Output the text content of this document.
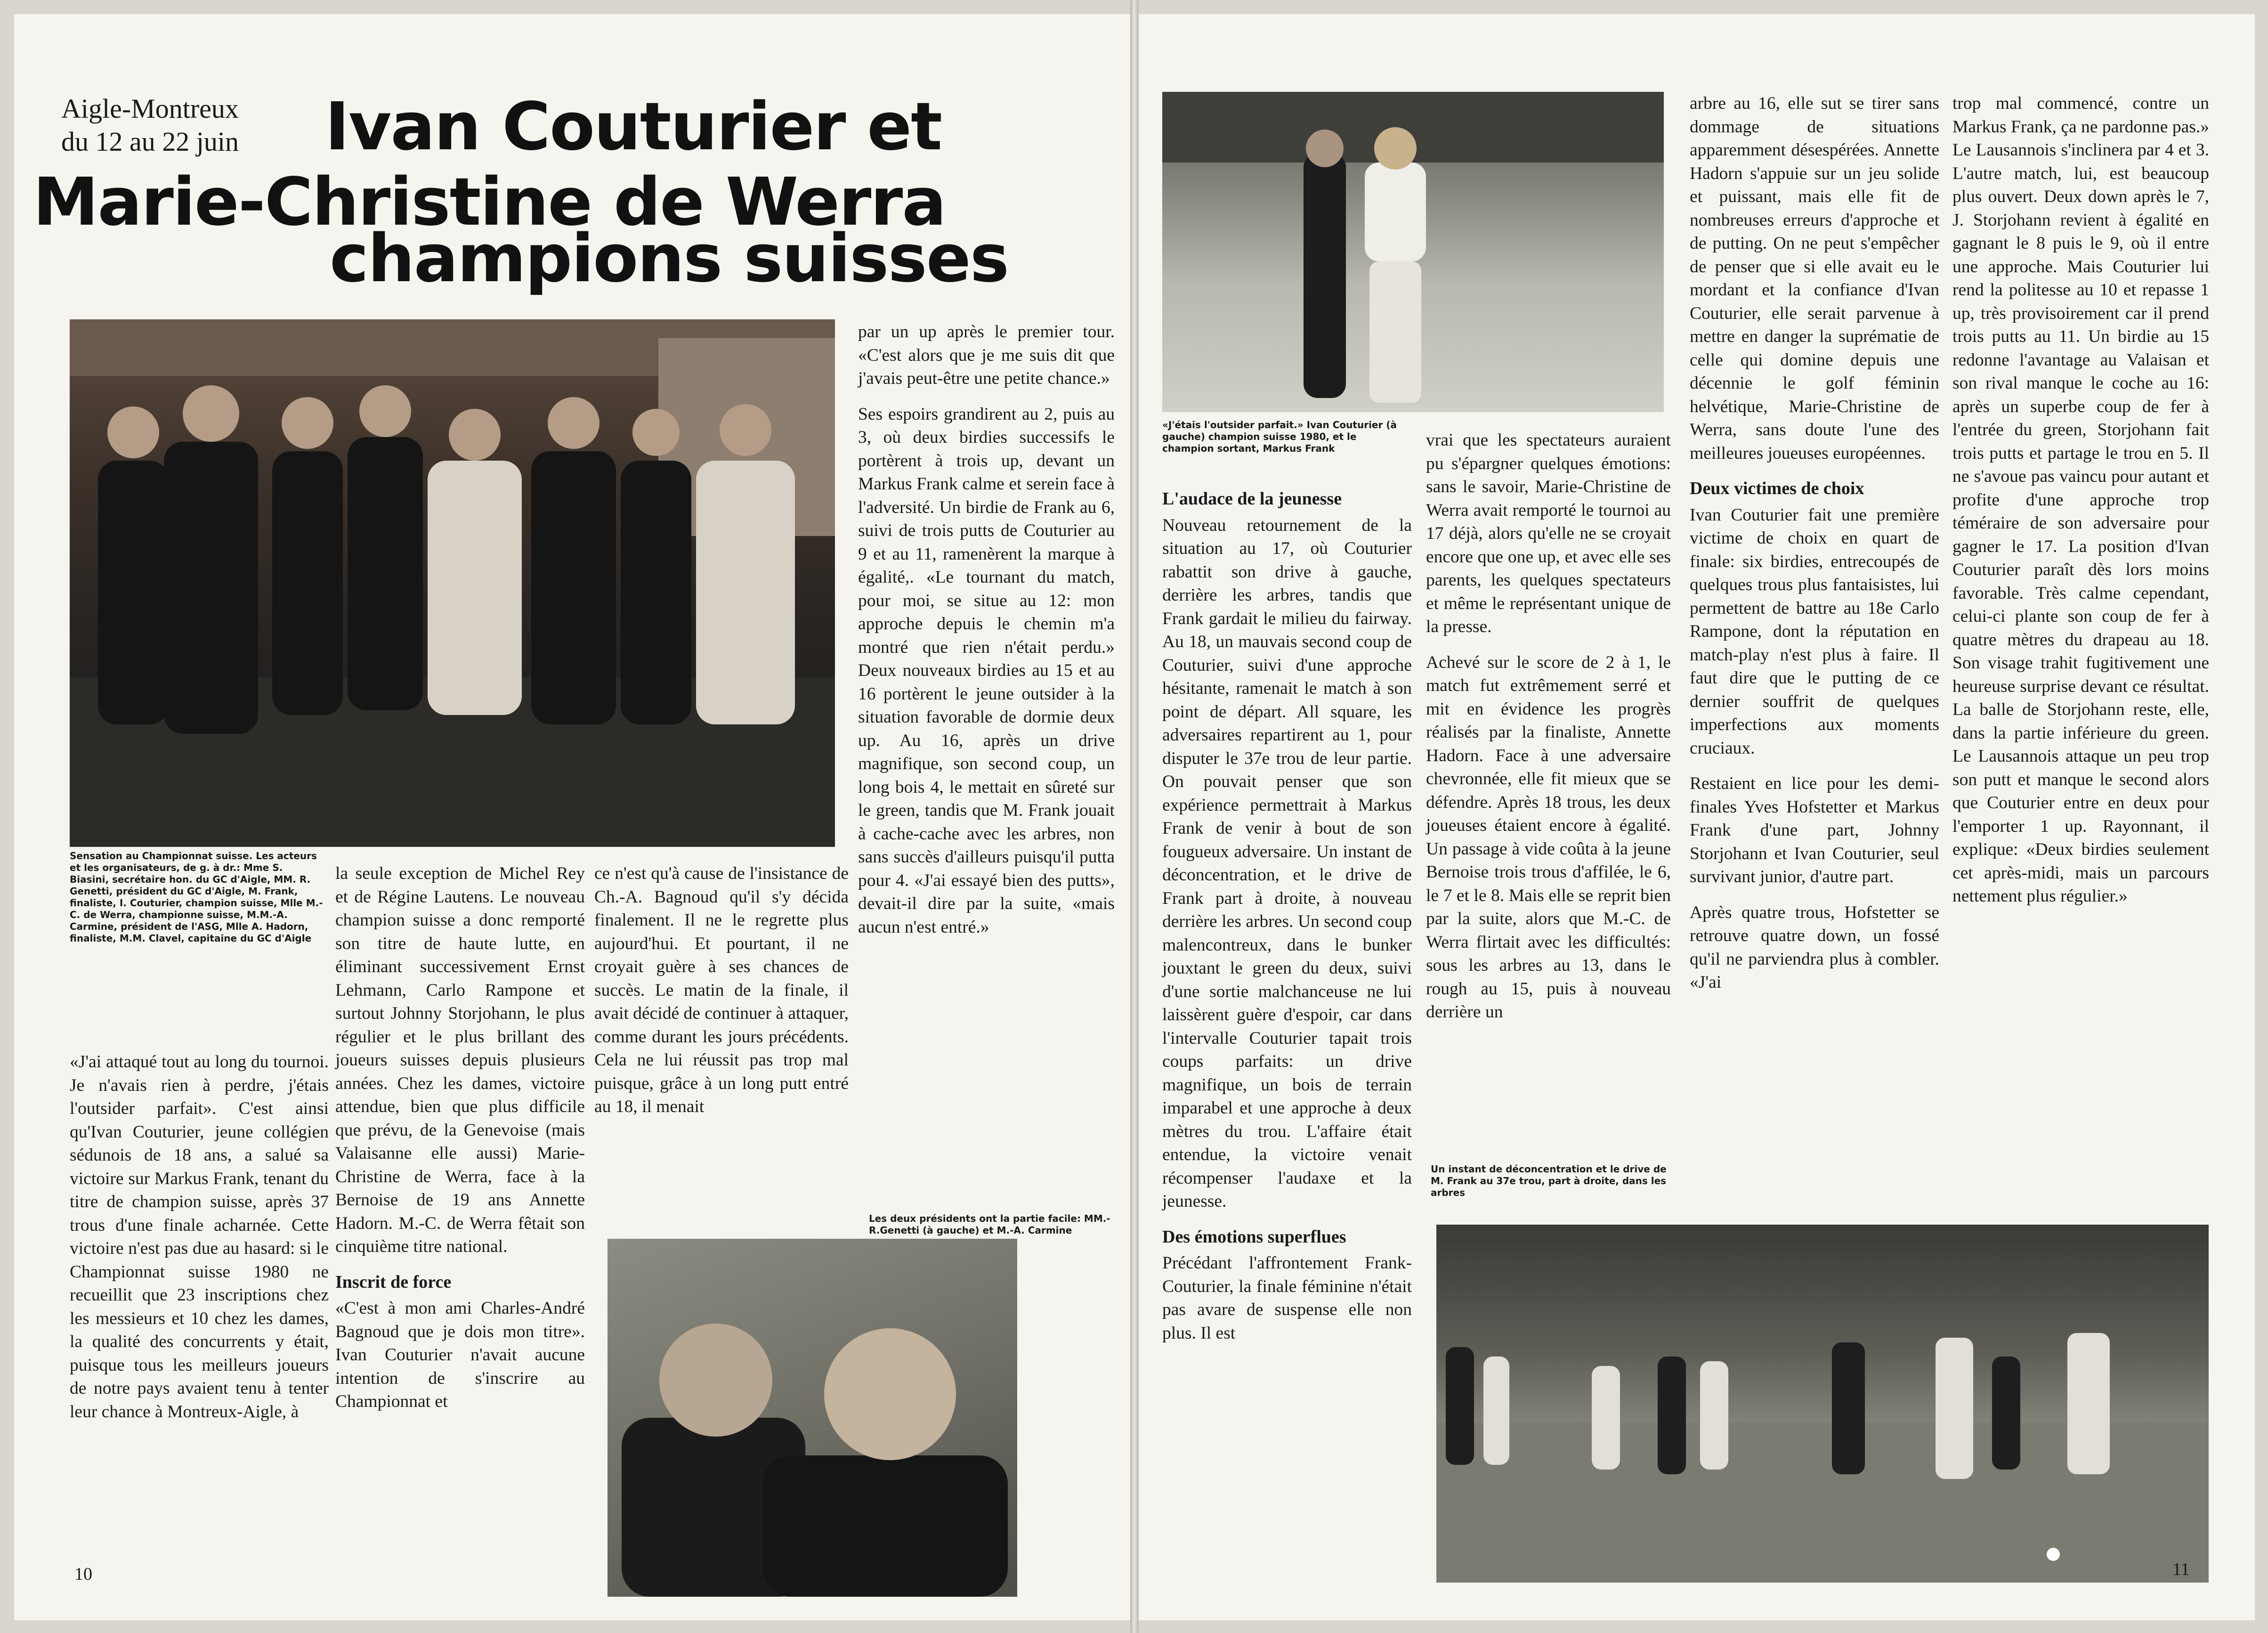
Aigle-Montreux
du 12 au 22 juin Ivan Couturier et
Marie-Christine de Werra
champions suisses
Sensation au Championnat suisse. Les acteurs et les organisateurs, de g. à dr.: Mme S. Biasini, secrétaire hon. du GC d'Aigle, MM. R. Genetti, président du GC d'Aigle, M. Frank, finaliste, I. Couturier, champion suisse, Mlle M.-C. de Werra, championne suisse, M.M.-A. Carmine, président de l'ASG, Mlle A. Hadorn, finaliste, M.M. Clavel, capitaine du GC d'Aigle

«J'ai attaqué tout au long du tournoi. Je n'avais rien à perdre, j'étais l'outsider parfait». C'est ainsi qu'Ivan Couturier, jeune collégien sédunois de 18 ans, a salué sa victoire sur Markus Frank, tenant du titre de champion suisse, après 37 trous d'une finale acharnée. Cette victoire n'est pas due au hasard: si le Championnat suisse 1980 ne recueillit que 23 inscriptions chez les messieurs et 10 chez les dames, la qualité des concurrents y était, puisque tous les meilleurs joueurs de notre pays avaient tenu à tenter leur chance à Montreux-Aigle, à

la seule exception de Michel Rey et de Régine Lautens. Le nouveau champion suisse a donc remporté son titre de haute lutte, en éliminant successivement Ernst Lehmann, Carlo Rampone et surtout Johnny Storjohann, le plus régulier et le plus brillant des joueurs suisses depuis plusieurs années. Chez les dames, victoire attendue, bien que plus difficile que prévu, de la Genevoise (mais Valaisanne elle aussi) Marie-Christine de Werra, face à la Bernoise de 19 ans Annette Hadorn. M.-C. de Werra fêtait son cinquième titre national.

Inscrit de force

«C'est à mon ami Charles-André Bagnoud que je dois mon titre». Ivan Couturier n'avait aucune intention de s'inscrire au Championnat et

ce n'est qu'à cause de l'insistance de Ch.-A. Bagnoud qu'il s'y décida finalement. Il ne le regrette plus aujourd'hui. Et pourtant, il ne croyait guère à ses chances de succès. Le matin de la finale, il avait décidé de continuer à attaquer, comme durant les jours précédents. Cela ne lui réussit pas trop mal puisque, grâce à un long putt entré au 18, il menait

Les deux présidents ont la partie facile: MM.-R.Genetti (à gauche) et M.-A. Carmine

par un up après le premier tour. «C'est alors que je me suis dit que j'avais peut-être une petite chance.»

Ses espoirs grandirent au 2, puis au 3, où deux birdies successifs le portèrent à trois up, devant un Markus Frank calme et serein face à l'adversité. Un birdie de Frank au 6, suivi de trois putts de Couturier au 9 et au 11, ramenèrent la marque à égalité,. «Le tournant du match, pour moi, se situe au 12: mon approche depuis le chemin m'a montré que rien n'était perdu.» Deux nouveaux birdies au 15 et au 16 portèrent le jeune outsider à la situation favorable de dormie deux up. Au 16, après un drive magnifique, son second coup, un long bois 4, le mettait en sûreté sur le green, tandis que M. Frank jouait à cache-cache avec les arbres, non sans succès d'ailleurs puisqu'il putta pour 4. «J'ai essayé bien des putts», devait-il dire par la suite, «mais aucun n'est entré.»

10
«J'étais l'outsider parfait.» Ivan Couturier (à gauche) champion suisse 1980, et le champion sortant, Markus Frank
L'audace de la jeunesse

Nouveau retournement de la situation au 17, où Couturier rabattit son drive à gauche, derrière les arbres, tandis que Frank gardait le milieu du fairway. Au 18, un mauvais second coup de Couturier, suivi d'une approche hésitante, ramenait le match à son point de départ. All square, les adversaires repartirent au 1, pour disputer le 37e trou de leur partie. On pouvait penser que son expérience permettrait à Markus Frank de venir à bout de son fougueux adversaire. Un instant de déconcentration, et le drive de Frank part à droite, à nouveau derrière les arbres. Un second coup malencontreux, dans le bunker jouxtant le green du deux, suivi d'une sortie malchanceuse ne lui laissèrent guère d'espoir, car dans l'intervalle Couturier tapait trois coups parfaits: un drive magnifique, un bois de terrain imparabel et une approche à deux mètres du trou. L'affaire était entendue, la victoire venait récompenser l'audaxe et la jeunesse.

Des émotions superflues

Précédant l'affrontement Frank-Couturier, la finale féminine n'était pas avare de suspense elle non plus. Il est

vrai que les spectateurs auraient pu s'épargner quelques émotions: sans le savoir, Marie-Christine de Werra avait remporté le tournoi au 17 déjà, alors qu'elle ne se croyait encore que one up, et avec elle ses parents, les quelques spectateurs et même le représentant unique de la presse.

Achevé sur le score de 2 à 1, le match fut extrêmement serré et mit en évidence les progrès réalisés par la finaliste, Annette Hadorn. Face à une adversaire chevronnée, elle fit mieux que se défendre. Après 18 trous, les deux joueuses étaient encore à égalité. Un passage à vide coûta à la jeune Bernoise trois trous d'affilée, le 6, le 7 et le 8. Mais elle se reprit bien par la suite, alors que M.-C. de Werra flirtait avec les difficultés: sous les arbres au 13, dans le rough au 15, puis à nouveau derrière un

Un instant de déconcentration et le drive de M. Frank au 37e trou, part à droite, dans les arbres

arbre au 16, elle sut se tirer sans dommage de situations apparemment désespérées. Annette Hadorn s'appuie sur un jeu solide et puissant, mais elle fit de nombreuses erreurs d'approche et de putting. On ne peut s'empêcher de penser que si elle avait eu le mordant et la confiance d'Ivan Couturier, elle serait parvenue à mettre en danger la suprématie de celle qui domine depuis une décennie le golf féminin helvétique, Marie-Christine de Werra, sans doute l'une des meilleures joueuses européennes.

Deux victimes de choix

Ivan Couturier fait une première victime de choix en quart de finale: six birdies, entrecoupés de quelques trous plus fantaisistes, lui permettent de battre au 18e Carlo Rampone, dont la réputation en match-play n'est plus à faire. Il faut dire que le putting de ce dernier souffrit de quelques imperfections aux moments cruciaux.

Restaient en lice pour les demi-finales Yves Hofstetter et Markus Frank d'une part, Johnny Storjohann et Ivan Couturier, seul survivant junior, d'autre part.

Après quatre trous, Hofstetter se retrouve quatre down, un fossé qu'il ne parviendra plus à combler. «J'ai

trop mal commencé, contre un Markus Frank, ça ne pardonne pas.» Le Lausannois s'inclinera par 4 et 3. L'autre match, lui, est beaucoup plus ouvert. Deux down après le 7, J. Storjohann revient à égalité en gagnant le 8 puis le 9, où il entre une approche. Mais Couturier lui rend la politesse au 10 et repasse 1 up, très provisoirement car il prend trois putts au 11. Un birdie au 15 redonne l'avantage au Valaisan et son rival manque le coche au 16: après un superbe coup de fer à l'entrée du green, Storjohann fait trois putts et partage le trou en 5. Il ne s'avoue pas vaincu pour autant et profite d'une approche trop téméraire de son adversaire pour gagner le 17. La position d'Ivan Couturier paraît dès lors moins favorable. Très calme cependant, celui-ci plante son coup de fer à quatre mètres du drapeau au 18. Son visage trahit fugitivement une heureuse surprise devant ce résultat. La balle de Storjohann reste, elle, dans la partie inférieure du green. Le Lausannois attaque un peu trop son putt et manque le second alors que Couturier entre en deux pour l'emporter 1 up. Rayonnant, il explique: «Deux birdies seulement cet après-midi, mais un parcours nettement plus régulier.»

11
